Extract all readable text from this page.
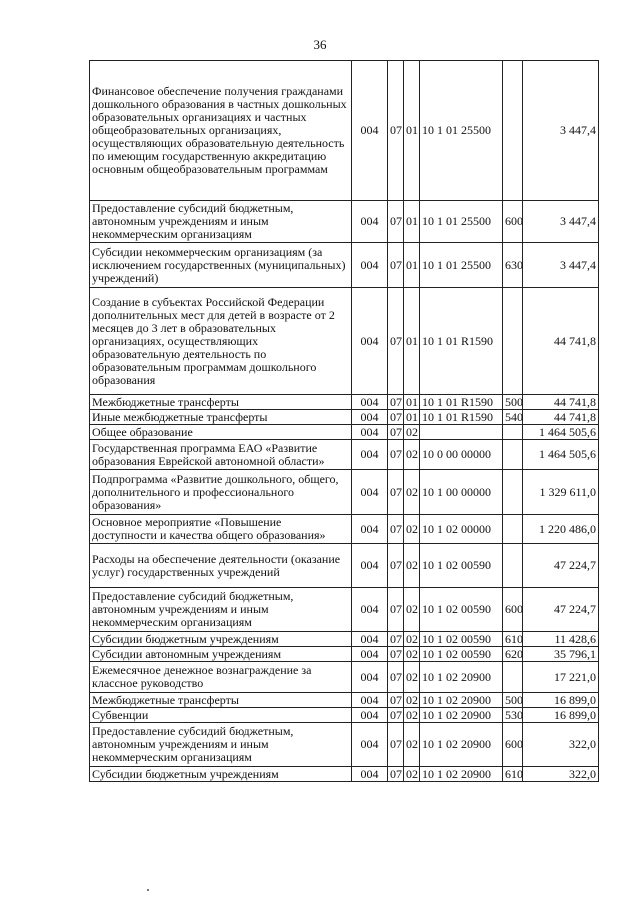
36
Финансовое обеспечение получения гражданами дошкольного образования в частных дошкольных образовательных организациях и частных общеобразовательных организациях, осуществляющих образовательную деятельность по имеющим государственную аккредитацию основным общеобразовательным программам	004	07	01	10 1 01 25500		3 447,4
Предоставление субсидий бюджетным, автономным учреждениям и иным некоммерческим организациям	004	07	01	10 1 01 25500	600	3 447,4
Субсидии некоммерческим организациям (за исключением государственных (муниципальных) учреждений)	004	07	01	10 1 01 25500	630	3 447,4
Создание в субъектах Российской Федерации дополнительных мест для детей в возрасте от 2 месяцев до 3 лет в образовательных организациях, осуществляющих образовательную деятельность по образовательным программам дошкольного образования	004	07	01	10 1 01 R1590		44 741,8
Межбюджетные трансферты	004	07	01	10 1 01 R1590	500	44 741,8
Иные межбюджетные трансферты	004	07	01	10 1 01 R1590	540	44 741,8
Общее образование	004	07	02			1 464 505,6
Государственная программа ЕАО «Развитие образования Еврейской автономной области»	004	07	02	10 0 00 00000		1 464 505,6
Подпрограмма «Развитие дошкольного, общего, дополнительного и профессионального образования»	004	07	02	10 1 00 00000		1 329 611,0
Основное мероприятие «Повышение доступности и качества общего образования»	004	07	02	10 1 02 00000		1 220 486,0
Расходы на обеспечение деятельности (оказание услуг) государственных учреждений	004	07	02	10 1 02 00590		47 224,7
Предоставление субсидий бюджетным, автономным учреждениям и иным некоммерческим организациям	004	07	02	10 1 02 00590	600	47 224,7
Субсидии бюджетным учреждениям	004	07	02	10 1 02 00590	610	11 428,6
Субсидии автономным учреждениям	004	07	02	10 1 02 00590	620	35 796,1
Ежемесячное денежное вознаграждение за классное руководство	004	07	02	10 1 02 20900		17 221,0
Межбюджетные трансферты	004	07	02	10 1 02 20900	500	16 899,0
Субвенции	004	07	02	10 1 02 20900	530	16 899,0
Предоставление субсидий бюджетным, автономным учреждениям и иным некоммерческим организациям	004	07	02	10 1 02 20900	600	322,0
Субсидии бюджетным учреждениям	004	07	02	10 1 02 20900	610	322,0
